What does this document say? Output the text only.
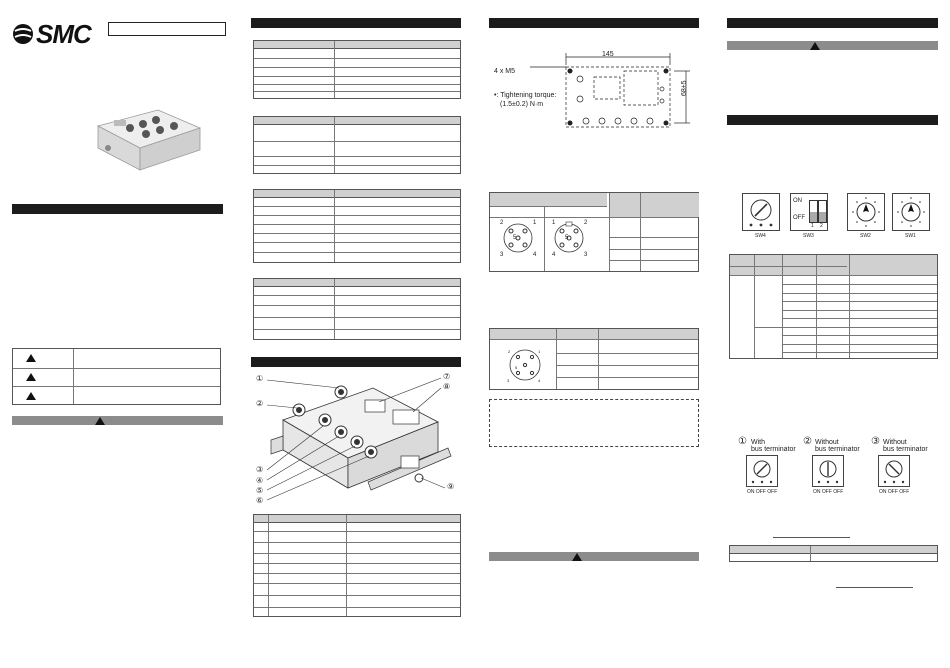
SMC
①
②
③
④
⑤
⑥
⑦
⑧
⑨
145
68±5
4 x M5
•: Tightening torque:
(1.5±0.2) N·m
2	1
5
3	4
1	2
5
4	3
2	1
5
3	4
ON
OFF
1 2
SW4	SW3	SW2	SW1
① With
bus terminator
② Without
bus terminator
③ Without
bus terminator
ON OFF OFF	ON OFF OFF	ON OFF OFF
